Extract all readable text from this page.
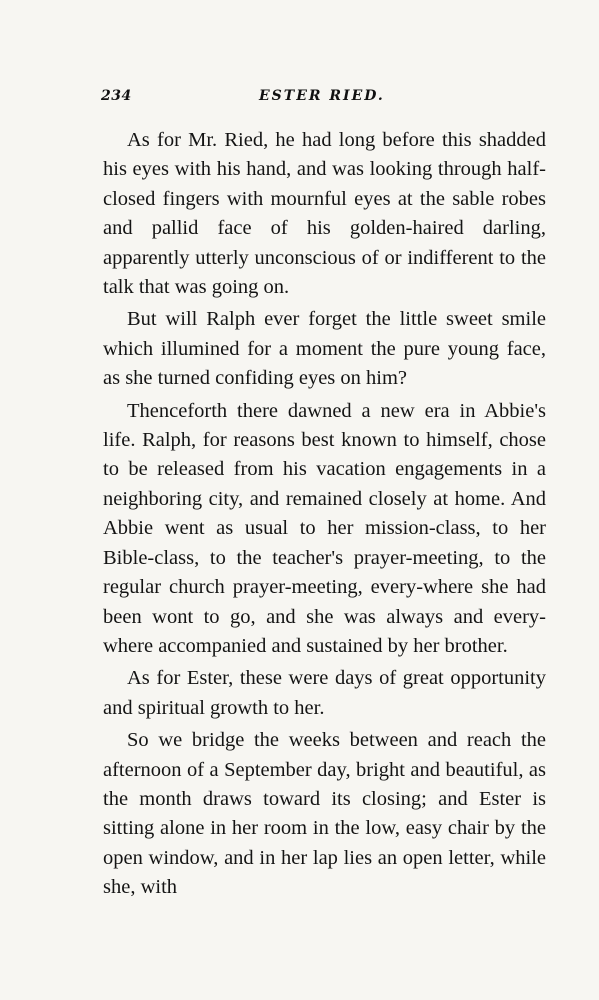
234	ESTER RIED.

As for Mr. Ried, he had long before this shadded his eyes with his hand, and was looking through half-closed fingers with mournful eyes at the sable robes and pallid face of his golden-haired darling, apparently utterly unconscious of or indifferent to the talk that was going on.

But will Ralph ever forget the little sweet smile which illumined for a moment the pure young face, as she turned confiding eyes on him?

Thenceforth there dawned a new era in Abbie's life. Ralph, for reasons best known to himself, chose to be released from his vacation engagements in a neighboring city, and remained closely at home. And Abbie went as usual to her mission-class, to her Bible-class, to the teacher's prayer-meeting, to the regular church prayer-meeting, every-where she had been wont to go, and she was always and every-where accompanied and sustained by her brother.

As for Ester, these were days of great opportunity and spiritual growth to her.

So we bridge the weeks between and reach the afternoon of a September day, bright and beautiful, as the month draws toward its closing; and Ester is sitting alone in her room in the low, easy chair by the open window, and in her lap lies an open letter, while she, with
